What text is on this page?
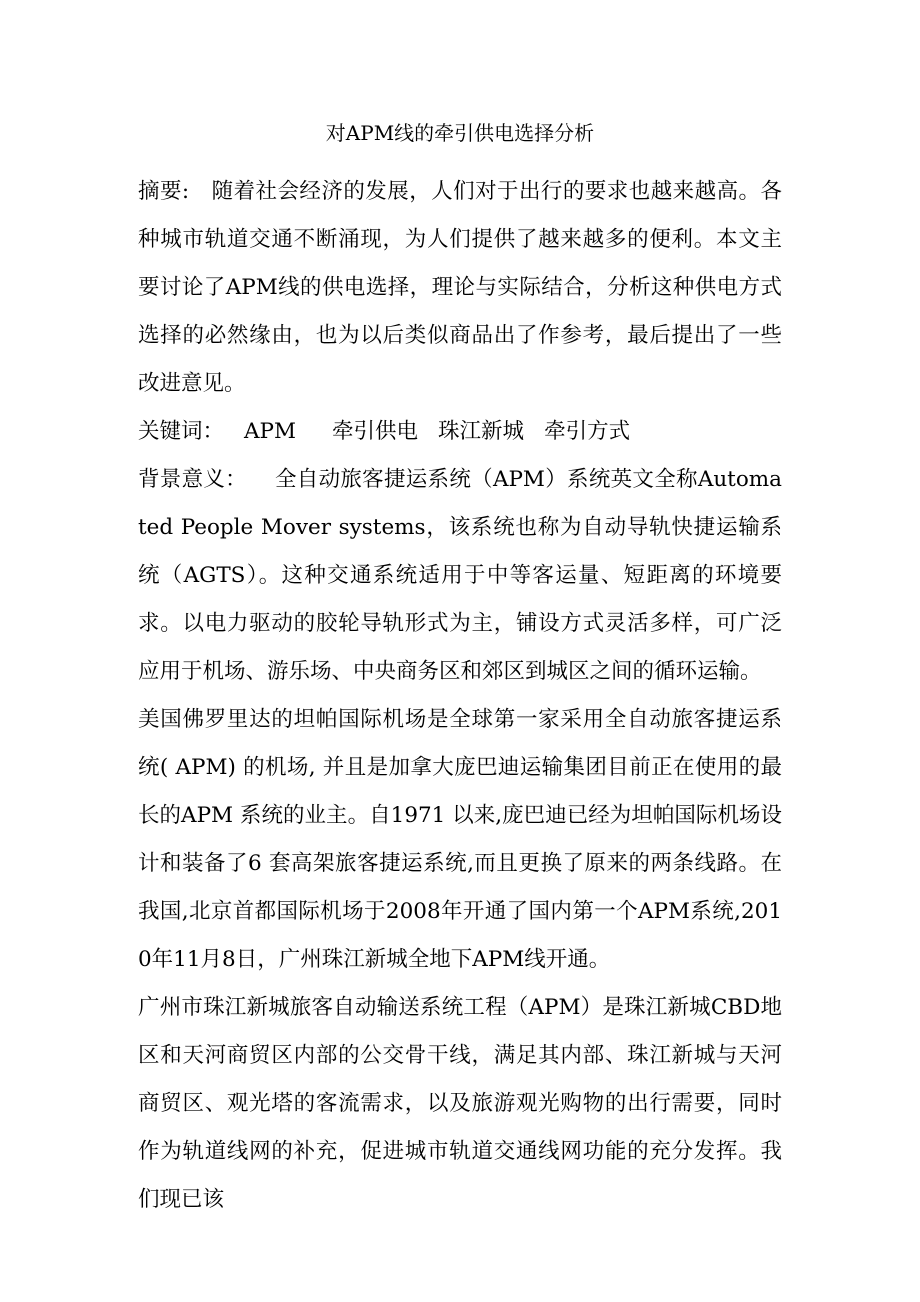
对APM线的牵引供电选择分析

摘要: 随着社会经济的发展，人们对于出行的要求也越来越高。各种城市轨道交通不断涌现，为人们提供了越来越多的便利。本文主要讨论了APM线的供电选择，理论与实际结合，分析这种供电方式选择的必然缘由，也为以后类似商品出了作参考，最后提出了一些改进意见。

关键词： APM 牵引供电 珠江新城 牵引方式

背景意义： 全自动旅客捷运系统（APM）系统英文全称Automated People Mover systems，该系统也称为自动导轨快捷运输系统（AGTS）。这种交通系统适用于中等客运量、短距离的环境要求。以电力驱动的胶轮导轨形式为主，铺设方式灵活多样，可广泛应用于机场、游乐场、中央商务区和郊区到城区之间的循环运输。

美国佛罗里达的坦帕国际机场是全球第一家采用全自动旅客捷运系统( APM) 的机场, 并且是加拿大庞巴迪运输集团目前正在使用的最长的APM 系统的业主。自1971 以来,庞巴迪已经为坦帕国际机场设计和装备了6 套高架旅客捷运系统,而且更换了原来的两条线路。在我国,北京首都国际机场于2008年开通了国内第一个APM系统,2010年11月8日，广州珠江新城全地下APM线开通。

广州市珠江新城旅客自动输送系统工程（APM）是珠江新城CBD地区和天河商贸区内部的公交骨干线，满足其内部、珠江新城与天河商贸区、观光塔的客流需求，以及旅游观光购物的出行需要，同时作为轨道线网的补充，促进城市轨道交通线网功能的充分发挥。我们现已该
